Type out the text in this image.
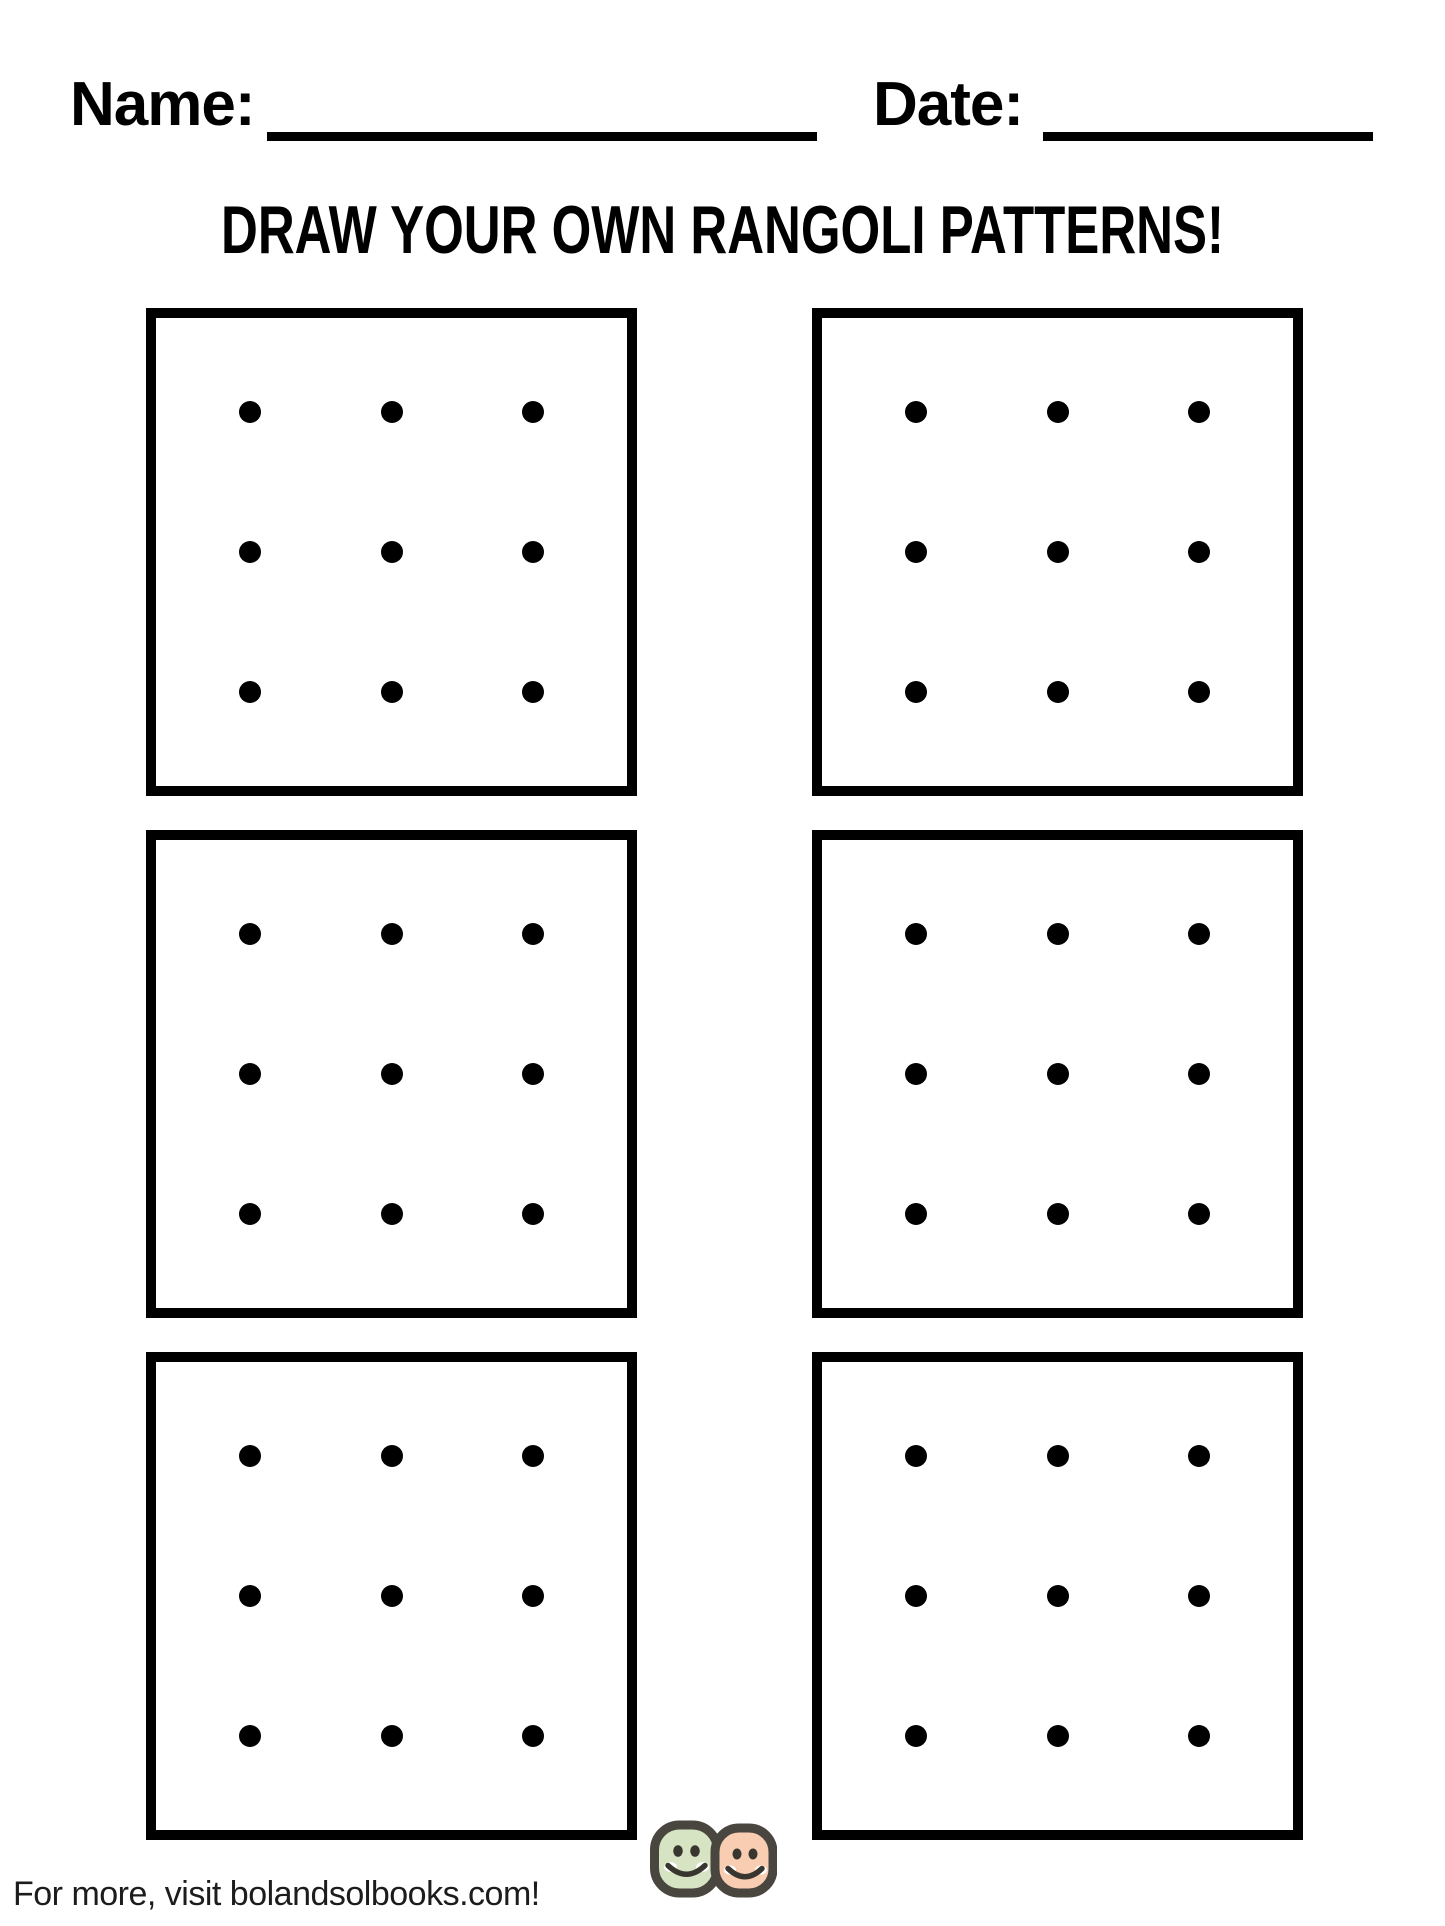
Name:	Date:
DRAW YOUR OWN RANGOLI PATTERNS!
For more, visit bolandsolbooks.com!
